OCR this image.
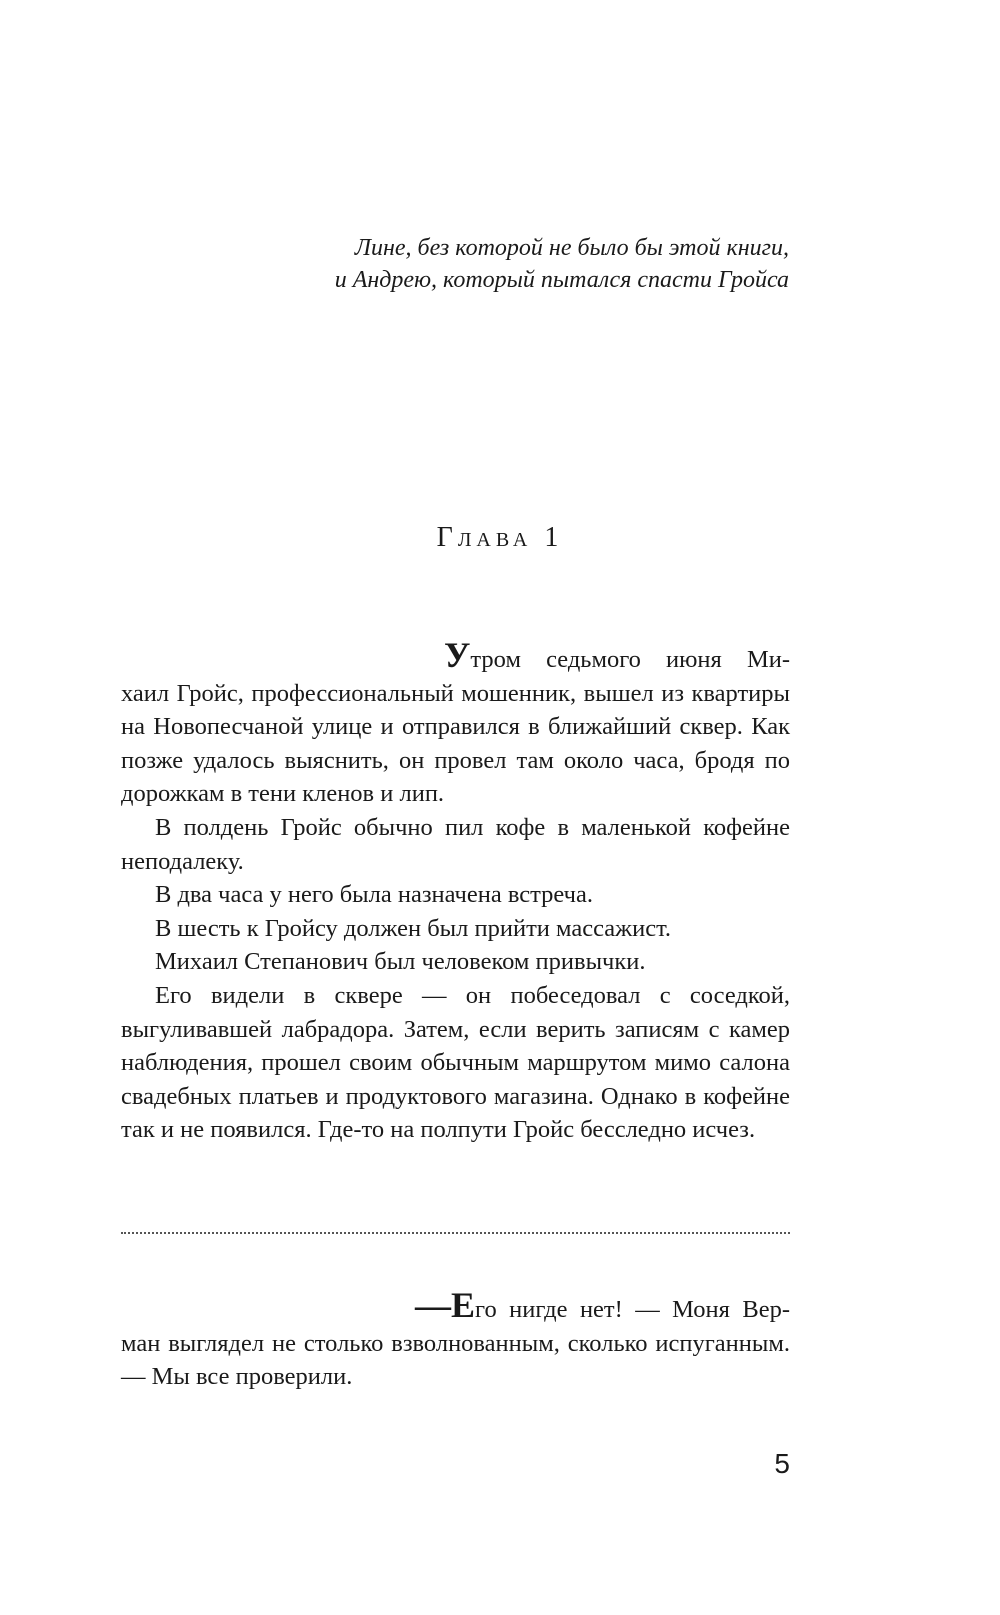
Лине, без которой не было бы этой книги,
и Андрею, который пытался спасти Гройса
Глава 1

Утром седьмого июня Ми-
хаил Гройс, профессиональный мошенник, вышел из квартиры на Новопесчаной улице и отправился в ближайший сквер. Как позже удалось выяснить, он провел там около часа, бродя по дорожкам в тени кленов и лип.

В полдень Гройс обычно пил кофе в маленькой кофейне неподалеку.

В два часа у него была назначена встреча.

В шесть к Гройсу должен был прийти массажист.

Михаил Степанович был человеком привычки.

Его видели в сквере — он побеседовал с соседкой, выгуливавшей лабрадора. Затем, если верить записям с камер наблюдения, прошел своим обычным маршрутом мимо салона свадебных платьев и продуктового магазина. Однако в кофейне так и не появился. Где-то на полпути Гройс бесследно исчез.

—Его нигде нет! — Моня Вер-
ман выглядел не столько взволнованным, сколько испуганным. — Мы все проверили.

5
